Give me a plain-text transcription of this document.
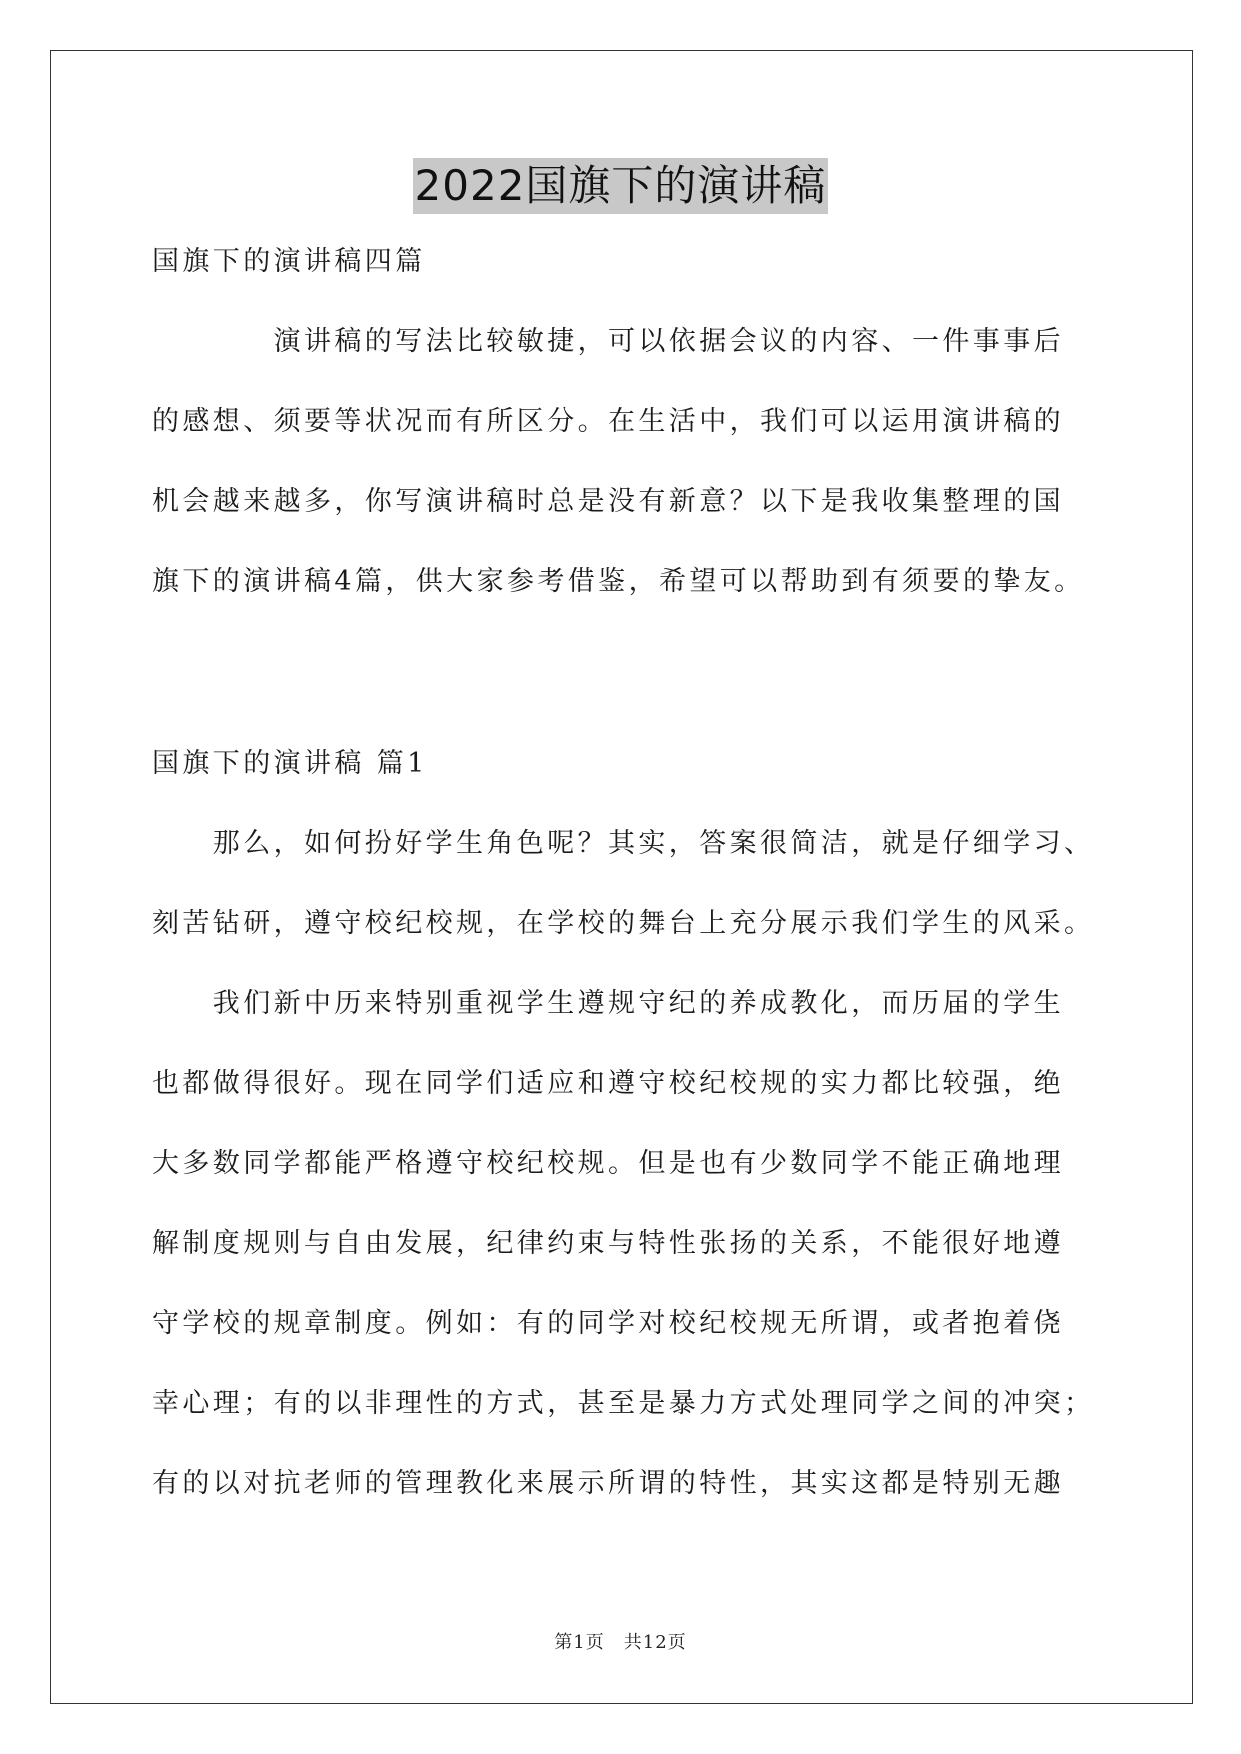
2022国旗下的演讲稿
国旗下的演讲稿四篇
　　　　演讲稿的写法比较敏捷，可以依据会议的内容、一件事事后
的感想、须要等状况而有所区分。在生活中，我们可以运用演讲稿的
机会越来越多，你写演讲稿时总是没有新意？以下是我收集整理的国
旗下的演讲稿4篇，供大家参考借鉴，希望可以帮助到有须要的挚友。
国旗下的演讲稿 篇1
　　那么，如何扮好学生角色呢？其实，答案很简洁，就是仔细学习、
刻苦钻研，遵守校纪校规，在学校的舞台上充分展示我们学生的风采。
　　我们新中历来特别重视学生遵规守纪的养成教化，而历届的学生
也都做得很好。现在同学们适应和遵守校纪校规的实力都比较强，绝
大多数同学都能严格遵守校纪校规。但是也有少数同学不能正确地理
解制度规则与自由发展，纪律约束与特性张扬的关系，不能很好地遵
守学校的规章制度。例如：有的同学对校纪校规无所谓，或者抱着侥
幸心理；有的以非理性的方式，甚至是暴力方式处理同学之间的冲突；
有的以对抗老师的管理教化来展示所谓的特性，其实这都是特别无趣
第1页　共12页
